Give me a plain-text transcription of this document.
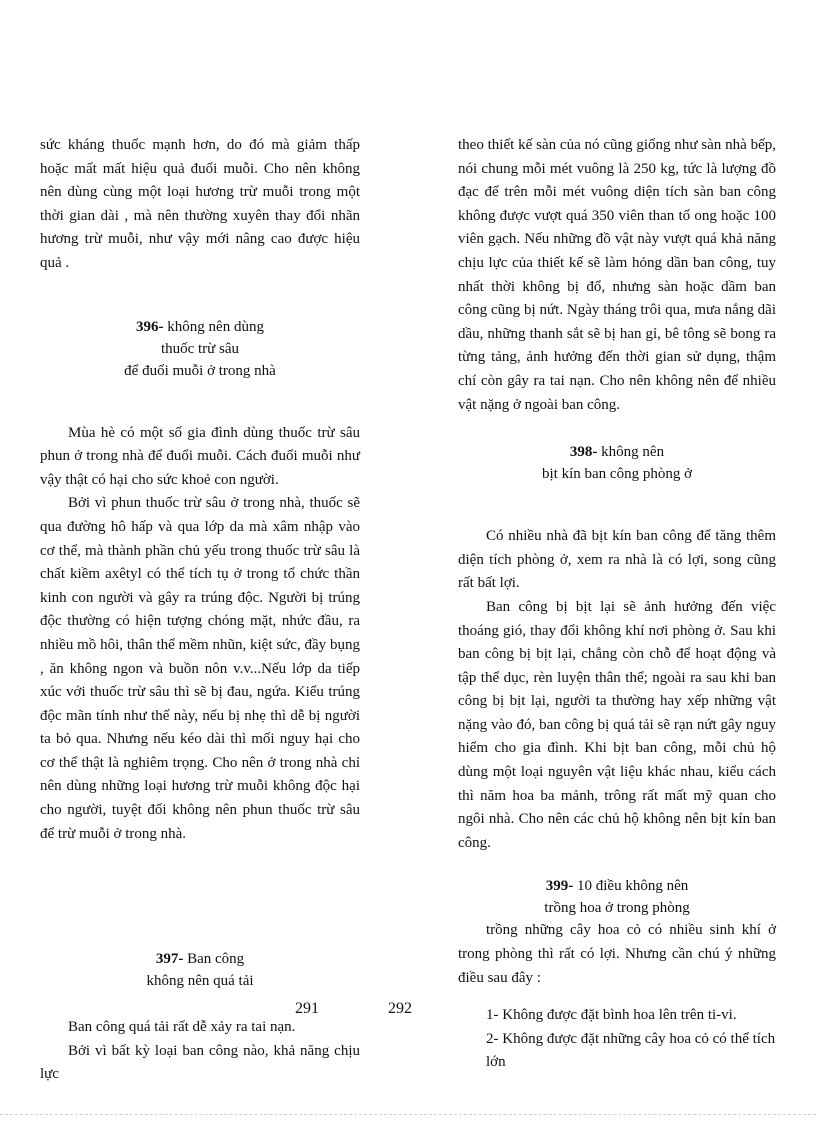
sức kháng thuốc mạnh hơn, do đó mà giảm thấp hoặc mất mất hiệu quả đuổi muỗi. Cho nên không nên dùng cùng một loại hương trừ muỗi trong một thời gian dài , mà nên thường xuyên thay đổi nhãn hương trừ muỗi, như vậy mới nâng cao được hiệu quả .

396- không nên dùng

thuốc trừ sâu

để đuổi muỗi ở trong nhà

Mùa hè có một số gia đình dùng thuốc trừ sâu phun ở trong nhà để đuổi muỗi. Cách đuổi muỗi như vậy thật có hại cho sức khoẻ con người.

Bởi vì phun thuốc trừ sâu ở trong nhà, thuốc sẽ qua đường hô hấp và qua lớp da mà xâm nhập vào cơ thể, mà thành phần chủ yếu trong thuốc trừ sâu là chất kiềm axêtyl có thể tích tụ ở trong tổ chức thần kinh con người và gây ra trúng độc. Người bị trúng độc thường có hiện tượng chóng mặt, nhức đầu, ra nhiều mồ hôi, thân thể mềm nhũn, kiệt sức, đầy bụng , ăn không ngon và buồn nôn v.v...Nếu lớp da tiếp xúc với thuốc trừ sâu thì sẽ bị đau, ngứa. Kiểu trúng độc mãn tính như thế này, nếu bị nhẹ thì dễ bị người ta bỏ qua. Nhưng nếu kéo dài thì mối nguy hại cho cơ thể thật là nghiêm trọng. Cho nên ở trong nhà chỉ nên dùng những loại hương trừ muỗi không độc hại cho người, tuyệt đối không nên phun thuốc trừ sâu để trừ muỗi ở trong nhà.

397- Ban công

không nên quá tải

Ban công quá tải rất dễ xảy ra tai nạn.

Bởi vì bất kỳ loại ban công nào, khả năng chịu lực

theo thiết kế sàn của nó cũng giống như sàn nhà bếp, nói chung mỗi mét vuông là 250 kg, tức là lượng đồ đạc để trên mỗi mét vuông diện tích sàn ban công không được vượt quá 350 viên than tổ ong hoặc 100 viên gạch. Nếu những đồ vật này vượt quá khả năng chịu lực của thiết kế sẽ làm hỏng dần ban công, tuy nhất thời không bị đổ, nhưng sàn hoặc dầm ban công cũng bị nứt. Ngày tháng trôi qua, mưa nắng dãi dầu, những thanh sắt sẽ bị han gỉ, bê tông sẽ bong ra từng tảng, ảnh hưởng đến thời gian sử dụng, thậm chí còn gây ra tai nạn. Cho nên không nên để nhiều vật nặng ở ngoài ban công.

398- không nên

bịt kín ban công phòng ở

Có nhiều nhà đã bịt kín ban công để tăng thêm diện tích phòng ở, xem ra nhà là có lợi, song cũng rất bất lợi.

Ban công bị bịt lại sẽ ảnh hưởng đến việc thoáng gió, thay đổi không khí nơi phòng ở. Sau khi ban công bị bịt lại, chẳng còn chỗ để hoạt động và tập thể dục, rèn luyện thân thể; ngoài ra sau khi ban công bị bịt lại, người ta thường hay xếp những vật nặng vào đó, ban công bị quá tải sẽ rạn nứt gây nguy hiểm cho gia đình. Khi bịt ban công, mỗi chủ hộ dùng một loại nguyên vật liệu khác nhau, kiểu cách thì năm hoa ba mảnh, trông rất mất mỹ quan cho ngôi nhà. Cho nên các chủ hộ không nên bịt kín ban công.

399- 10 điều không nên

trồng hoa ở trong phòng

trồng những cây hoa cỏ có nhiều sinh khí ở trong phòng thì rất có lợi. Nhưng cần chú ý những điều sau đây :

1- Không được đặt bình hoa lên trên ti-vi.

2- Không được đặt những cây hoa cỏ có thể tích lớn

291	292
